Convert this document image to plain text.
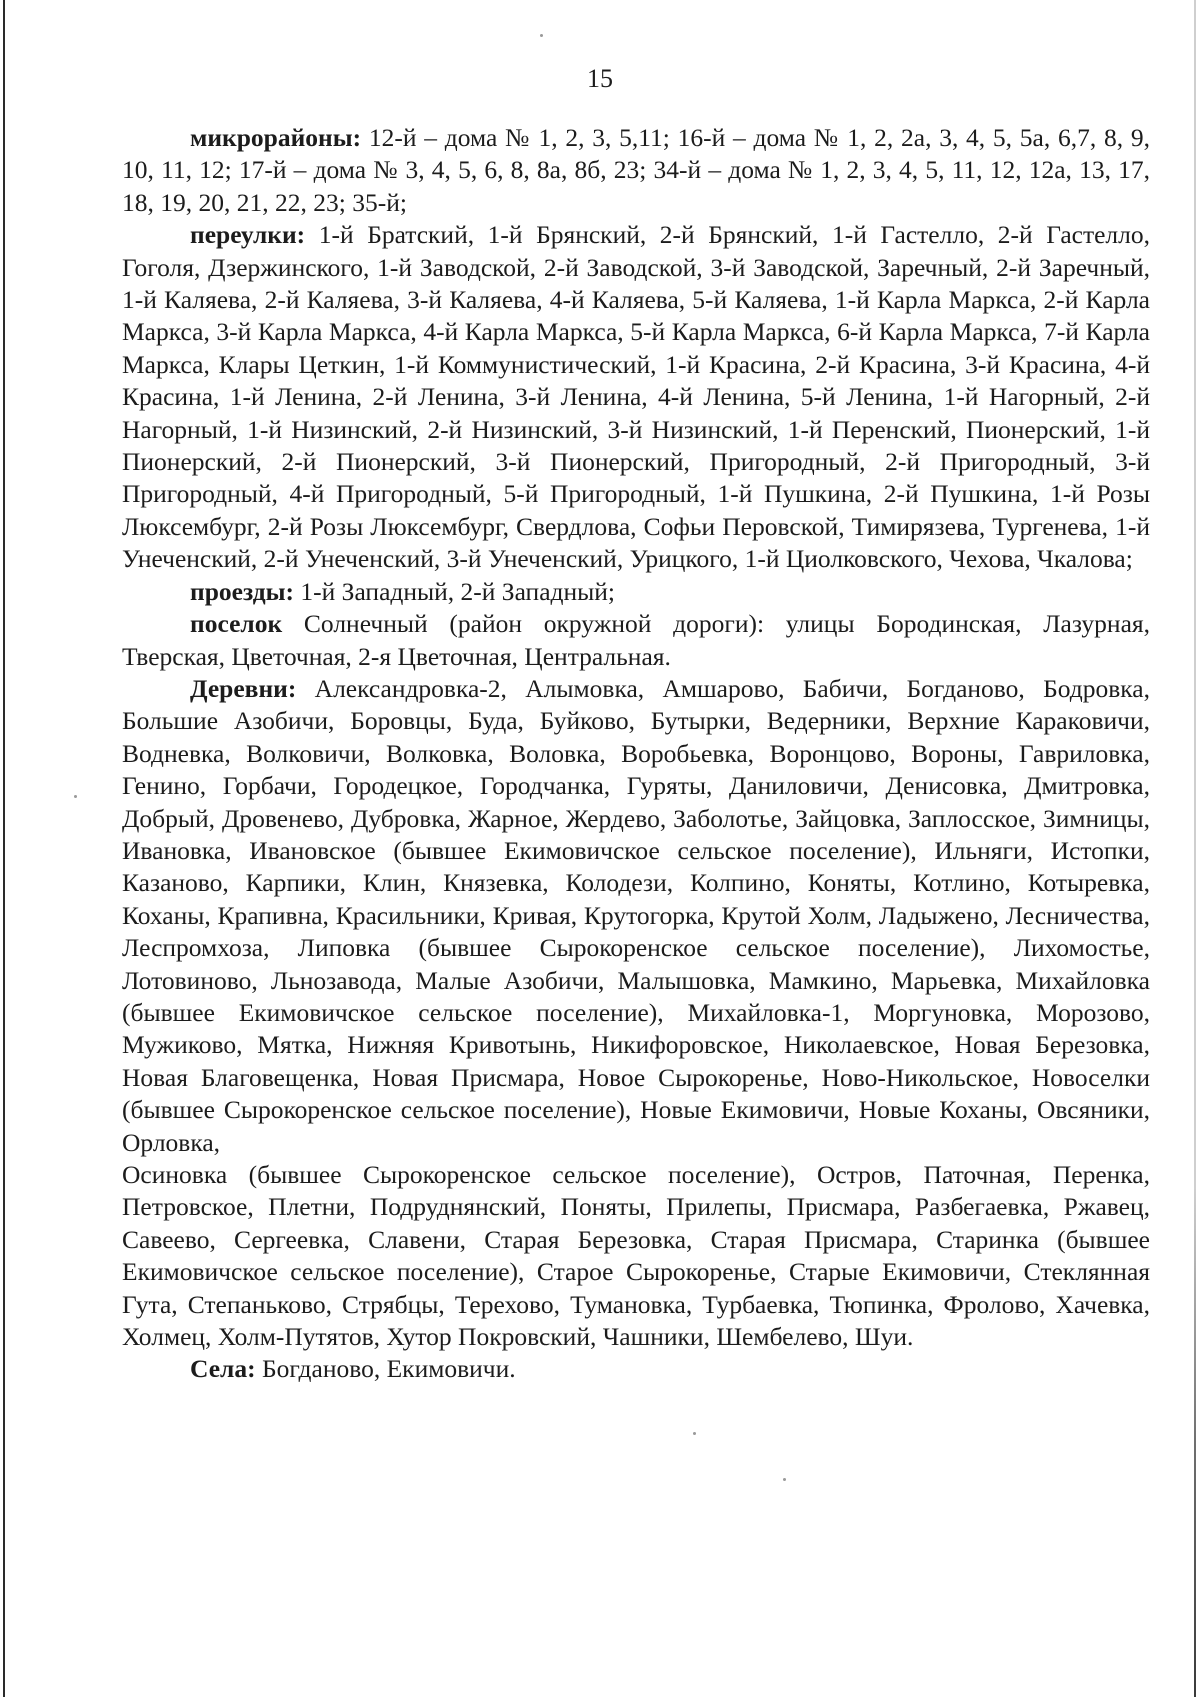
15

микрорайоны: 12-й – дома № 1, 2, 3, 5,11; 16-й – дома № 1, 2, 2а, 3, 4, 5, 5а, 6,7, 8, 9, 10, 11, 12; 17-й – дома № 3, 4, 5, 6, 8, 8а, 8б, 23; 34-й – дома № 1, 2, 3, 4, 5, 11, 12, 12а, 13, 17, 18, 19, 20, 21, 22, 23; 35-й;

переулки: 1-й Братский, 1-й Брянский, 2-й Брянский, 1-й Гастелло, 2-й Гастелло, Гоголя, Дзержинского, 1-й Заводской, 2-й Заводской, 3-й Заводской, Заречный, 2-й Заречный, 1-й Каляева, 2-й Каляева, 3-й Каляева, 4-й Каляева, 5-й Каляева, 1-й Карла Маркса, 2-й Карла Маркса, 3-й Карла Маркса, 4-й Карла Маркса, 5-й Карла Маркса, 6-й Карла Маркса, 7-й Карла Маркса, Клары Цеткин, 1-й Коммунистический, 1-й Красина, 2-й Красина, 3-й Красина, 4-й Красина, 1-й Ленина, 2-й Ленина, 3-й Ленина, 4-й Ленина, 5-й Ленина, 1-й Нагорный, 2-й Нагорный, 1-й Низинский, 2-й Низинский, 3-й Низинский, 1-й Перенский, Пионерский, 1-й Пионерский, 2-й Пионерский, 3-й Пионерский, Пригородный, 2-й Пригородный, 3-й Пригородный, 4-й Пригородный, 5-й Пригородный, 1-й Пушкина, 2-й Пушкина, 1-й Розы Люксембург, 2-й Розы Люксембург, Свердлова, Софьи Перовской, Тимирязева, Тургенева, 1-й Унеченский, 2-й Унеченский, 3-й Унеченский, Урицкого, 1-й Циолковского, Чехова, Чкалова;

проезды: 1-й Западный, 2-й Западный;

поселок Солнечный (район окружной дороги): улицы Бородинская, Лазурная, Тверская, Цветочная, 2-я Цветочная, Центральная.

Деревни: Александровка-2, Алымовка, Амшарово, Бабичи, Богданово, Бодровка, Большие Азобичи, Боровцы, Буда, Буйково, Бутырки, Ведерники, Верхние Караковичи, Водневка, Волковичи, Волковка, Воловка, Воробьевка, Воронцово, Вороны, Гавриловка, Генино, Горбачи, Городецкое, Городчанка, Гуряты, Даниловичи, Денисовка, Дмитровка, Добрый, Дровенево, Дубровка, Жарное, Жердево, Заболотье, Зайцовка, Заплосское, Зимницы, Ивановка, Ивановское (бывшее Екимовичское сельское поселение), Ильняги, Истопки, Казаново, Карпики, Клин, Князевка, Колодези, Колпино, Коняты, Котлино, Котыревка, Коханы, Крапивна, Красильники, Кривая, Крутогорка, Крутой Холм, Ладыжено, Лесничества, Леспромхоза, Липовка (бывшее Сырокоренское сельское поселение), Лихомостье, Лотовиново, Льнозавода, Малые Азобичи, Малышовка, Мамкино, Марьевка, Михайловка (бывшее Екимовичское сельское поселение), Михайловка-1, Моргуновка, Морозово, Мужиково, Мятка, Нижняя Кривотынь, Никифоровское, Николаевское, Новая Березовка, Новая Благовещенка, Новая Присмара, Новое Сырокоренье, Ново-Никольское, Новоселки (бывшее Сырокоренское сельское поселение), Новые Екимовичи, Новые Коханы, Овсяники, Орловка,

Осиновка (бывшее Сырокоренское сельское поселение), Остров, Паточная, Перенка, Петровское, Плетни, Подруднянский, Поняты, Прилепы, Присмара, Разбегаевка, Ржавец, Савеево, Сергеевка, Славени, Старая Березовка, Старая Присмара, Старинка (бывшее Екимовичское сельское поселение), Старое Сырокоренье, Старые Екимовичи, Стеклянная Гута, Степаньково, Стрябцы, Терехово, Тумановка, Турбаевка, Тюпинка, Фролово, Хачевка, Холмец, Холм-Путятов, Хутор Покровский, Чашники, Шембелево, Шуи.

Села: Богданово, Екимовичи.
